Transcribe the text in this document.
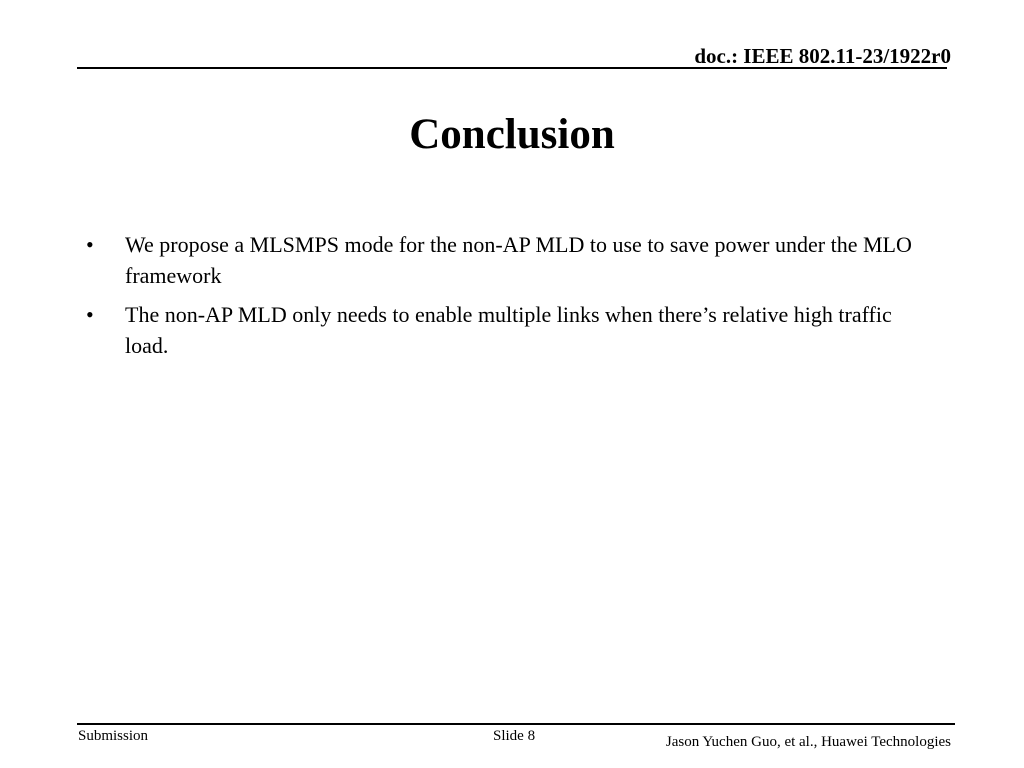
doc.: IEEE 802.11-23/1922r0
Conclusion
• We propose a MLSMPS mode for the non-AP MLD to use to save power under the MLO framework
• The non-AP MLD only needs to enable multiple links when there’s relative high traffic load.
Submission	Slide 8	Jason Yuchen Guo, et al., Huawei Technologies
